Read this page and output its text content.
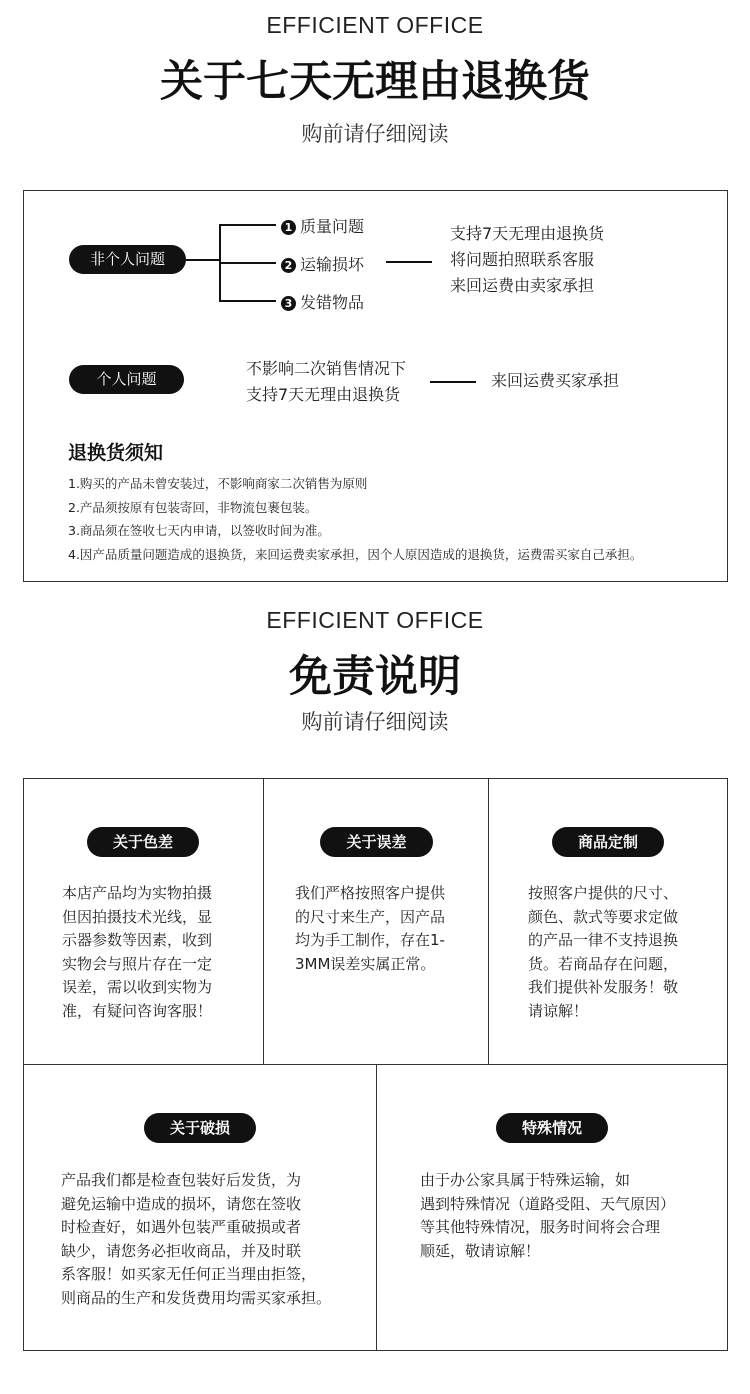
EFFICIENT OFFICE
关于七天无理由退换货
购前请仔细阅读
非个人问题
1 质量问题
2 运输损坏
3 发错物品
支持7天无理由退换货
将问题拍照联系客服
来回运费由卖家承担
个人问题
不影响二次销售情况下
支持7天无理由退换货
来回运费买家承担
退换货须知
1.购买的产品未曾安装过，不影响商家二次销售为原则
2.产品须按原有包装寄回，非物流包裹包装。
3.商品须在签收七天内申请，以签收时间为准。
4.因产品质量问题造成的退换货，来回运费卖家承担，因个人原因造成的退换货，运费需买家自己承担。
EFFICIENT OFFICE
免责说明
购前请仔细阅读
关于色差
本店产品均为实物拍摄
但因拍摄技术光线，显
示器参数等因素，收到
实物会与照片存在一定
误差，需以收到实物为
准，有疑问咨询客服！
关于误差
我们严格按照客户提供
的尺寸来生产，因产品
均为手工制作，存在1-
3MM误差实属正常。
商品定制
按照客户提供的尺寸、
颜色、款式等要求定做
的产品一律不支持退换
货。若商品存在问题，
我们提供补发服务！敬
请谅解！
关于破损
产品我们都是检查包装好后发货，为
避免运输中造成的损坏，请您在签收
时检查好，如遇外包装严重破损或者
缺少，请您务必拒收商品，并及时联
系客服！如买家无任何正当理由拒签，
则商品的生产和发货费用均需买家承担。
特殊情况
由于办公家具属于特殊运输，如
遇到特殊情况（道路受阻、天气原因）
等其他特殊情况，服务时间将会合理
顺延，敬请谅解！
